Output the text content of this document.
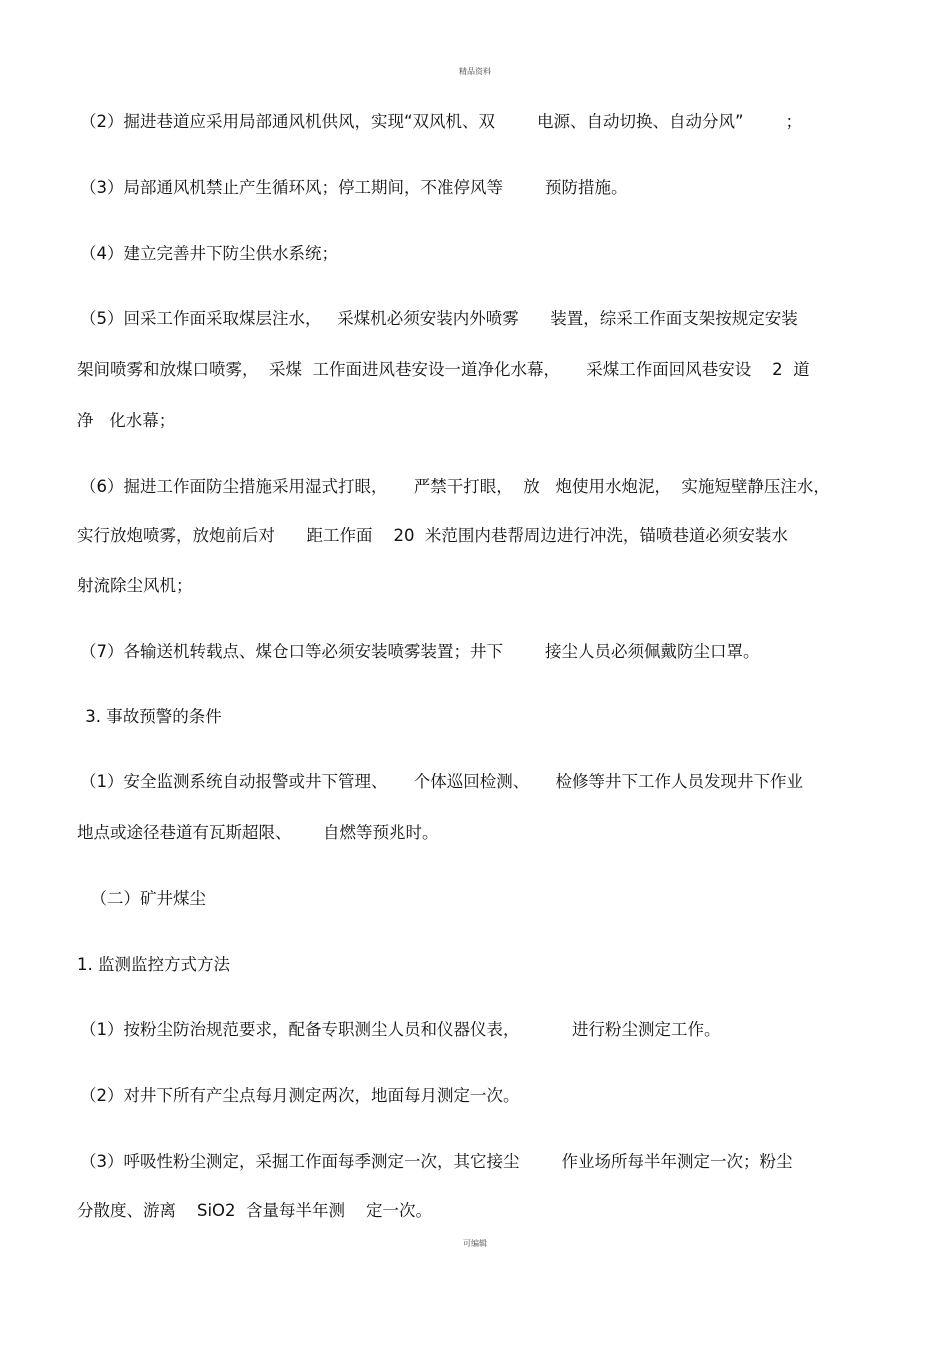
精品资料
（2）掘进巷道应采用局部通风机供风，实现“双风机、双        电源、自动切换、自动分风”        ；
（3）局部通风机禁止产生循环风；停工期间，不准停风等        预防措施。
（4）建立完善井下防尘供水系统；
（5）回采工作面采取煤层注水，   采煤机必须安装内外喷雾      装置，综采工作面支架按规定安装
架间喷雾和放煤口喷雾，  采煤  工作面进风巷安设一道净化水幕，     采煤工作面回风巷安设    2  道
净   化水幕；
（6）掘进工作面防尘措施采用湿式打眼，     严禁干打眼，  放   炮使用水炮泥，  实施短壁静压注水，
实行放炮喷雾，放炮前后对      距工作面    20  米范围内巷帮周边进行冲洗，锚喷巷道必须安装水
射流除尘风机；
（7）各输送机转载点、煤仓口等必须安装喷雾装置；井下        接尘人员必须佩戴防尘口罩。
3. 事故预警的条件
（1）安全监测系统自动报警或井下管理、     个体巡回检测、     检修等井下工作人员发现井下作业
地点或途径巷道有瓦斯超限、      自燃等预兆时。
（二）矿井煤尘
1. 监测监控方式方法
（1）按粉尘防治规范要求，配备专职测尘人员和仪器仪表，          进行粉尘测定工作。
（2）对井下所有产尘点每月测定两次，地面每月测定一次。
（3）呼吸性粉尘测定，采掘工作面每季测定一次，其它接尘        作业场所每半年测定一次；粉尘
分散度、游离    SiO2  含量每半年测    定一次。
可编辑
